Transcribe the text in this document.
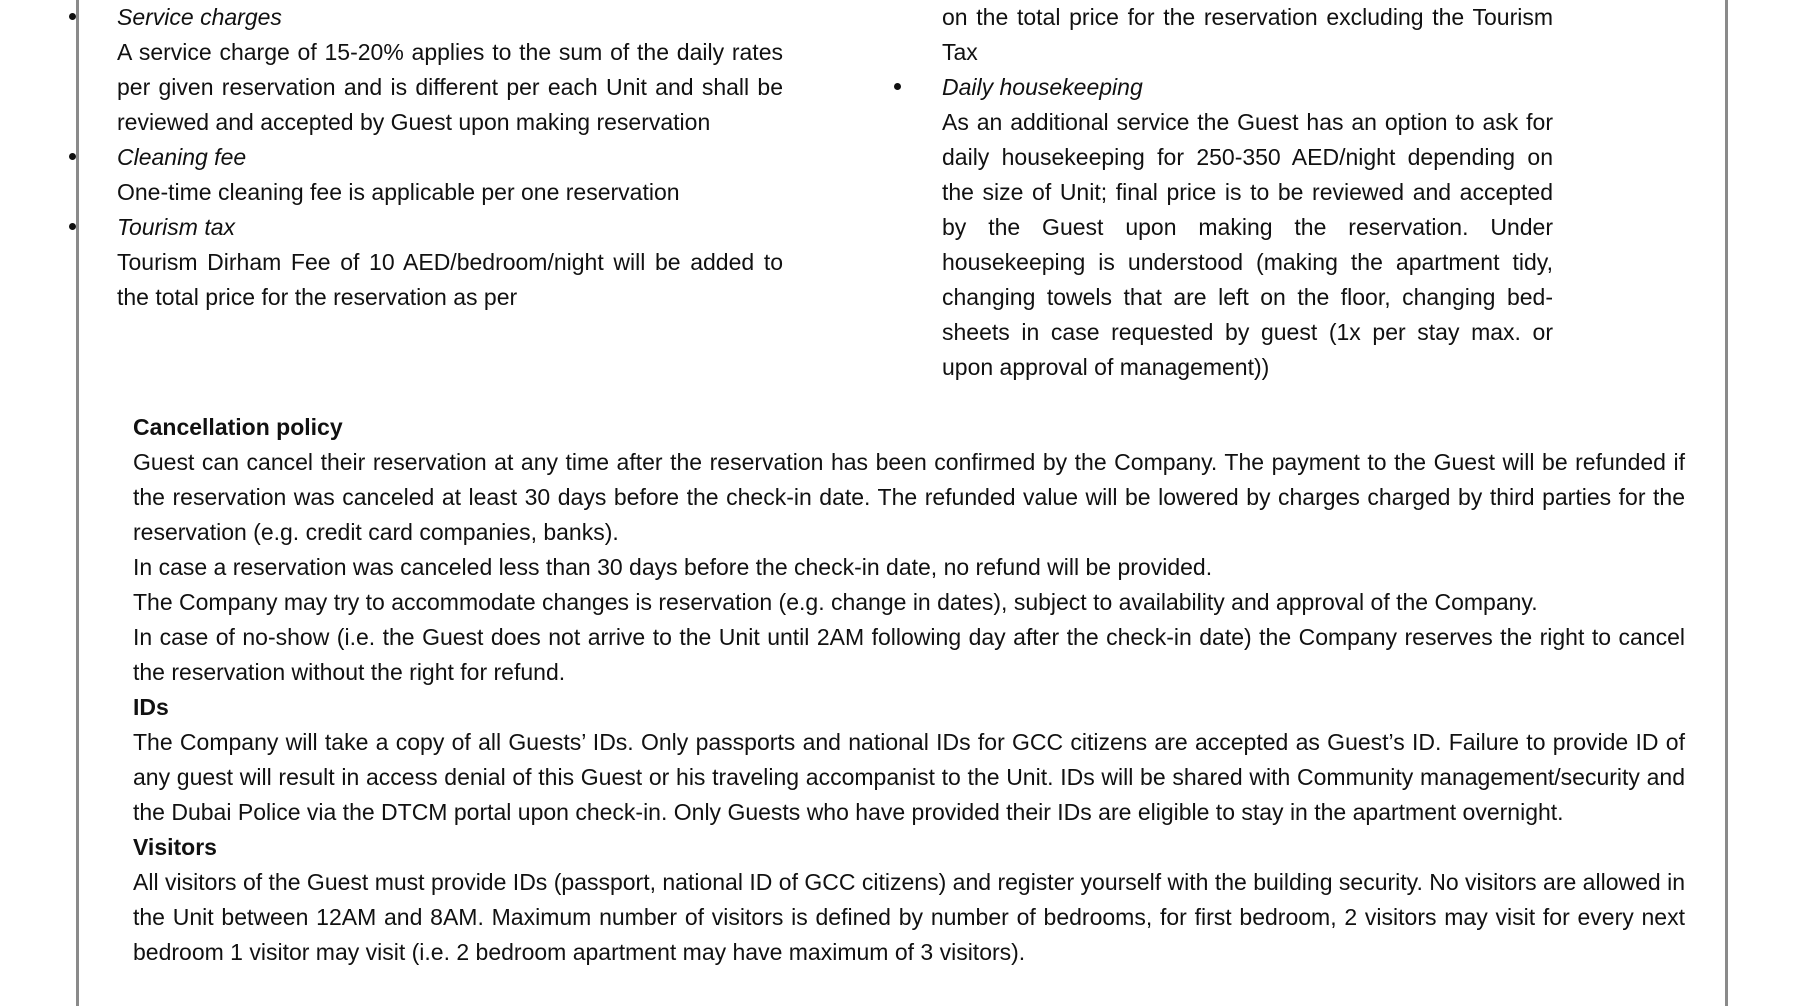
Service charges
A service charge of 15-20% applies to the sum of the daily rates per given reservation and is different per each Unit and shall be reviewed and accepted by Guest upon making reservation
Cleaning fee
One-time cleaning fee is applicable per one reservation
Tourism tax
Tourism Dirham Fee of 10 AED/bedroom/night will be added to the total price for the reservation as per
on the total price for the reservation excluding the Tourism Tax
Daily housekeeping
As an additional service the Guest has an option to ask for daily housekeeping for 250-350 AED/night depending on the size of Unit; final price is to be reviewed and accepted by the Guest upon making the reservation. Under housekeeping is understood (making the apartment tidy, changing towels that are left on the floor, changing bed-sheets in case requested by guest (1x per stay max. or upon approval of management))
Cancellation policy
Guest can cancel their reservation at any time after the reservation has been confirmed by the Company. The payment to the Guest will be refunded if the reservation was canceled at least 30 days before the check-in date. The refunded value will be lowered by charges charged by third parties for the reservation (e.g. credit card companies, banks).
In case a reservation was canceled less than 30 days before the check-in date, no refund will be provided.
The Company may try to accommodate changes is reservation (e.g. change in dates), subject to availability and approval of the Company.
In case of no-show (i.e. the Guest does not arrive to the Unit until 2AM following day after the check-in date) the Company reserves the right to cancel the reservation without the right for refund.
IDs
The Company will take a copy of all Guests’ IDs. Only passports and national IDs for GCC citizens are accepted as Guest’s ID. Failure to provide ID of any guest will result in access denial of this Guest or his traveling accompanist to the Unit. IDs will be shared with Community management/security and the Dubai Police via the DTCM portal upon check-in. Only Guests who have provided their IDs are eligible to stay in the apartment overnight.
Visitors
All visitors of the Guest must provide IDs (passport, national ID of GCC citizens) and register yourself with the building security. No visitors are allowed in the Unit between 12AM and 8AM. Maximum number of visitors is defined by number of bedrooms, for first bedroom, 2 visitors may visit for every next bedroom 1 visitor may visit (i.e. 2 bedroom apartment may have maximum of 3 visitors).
